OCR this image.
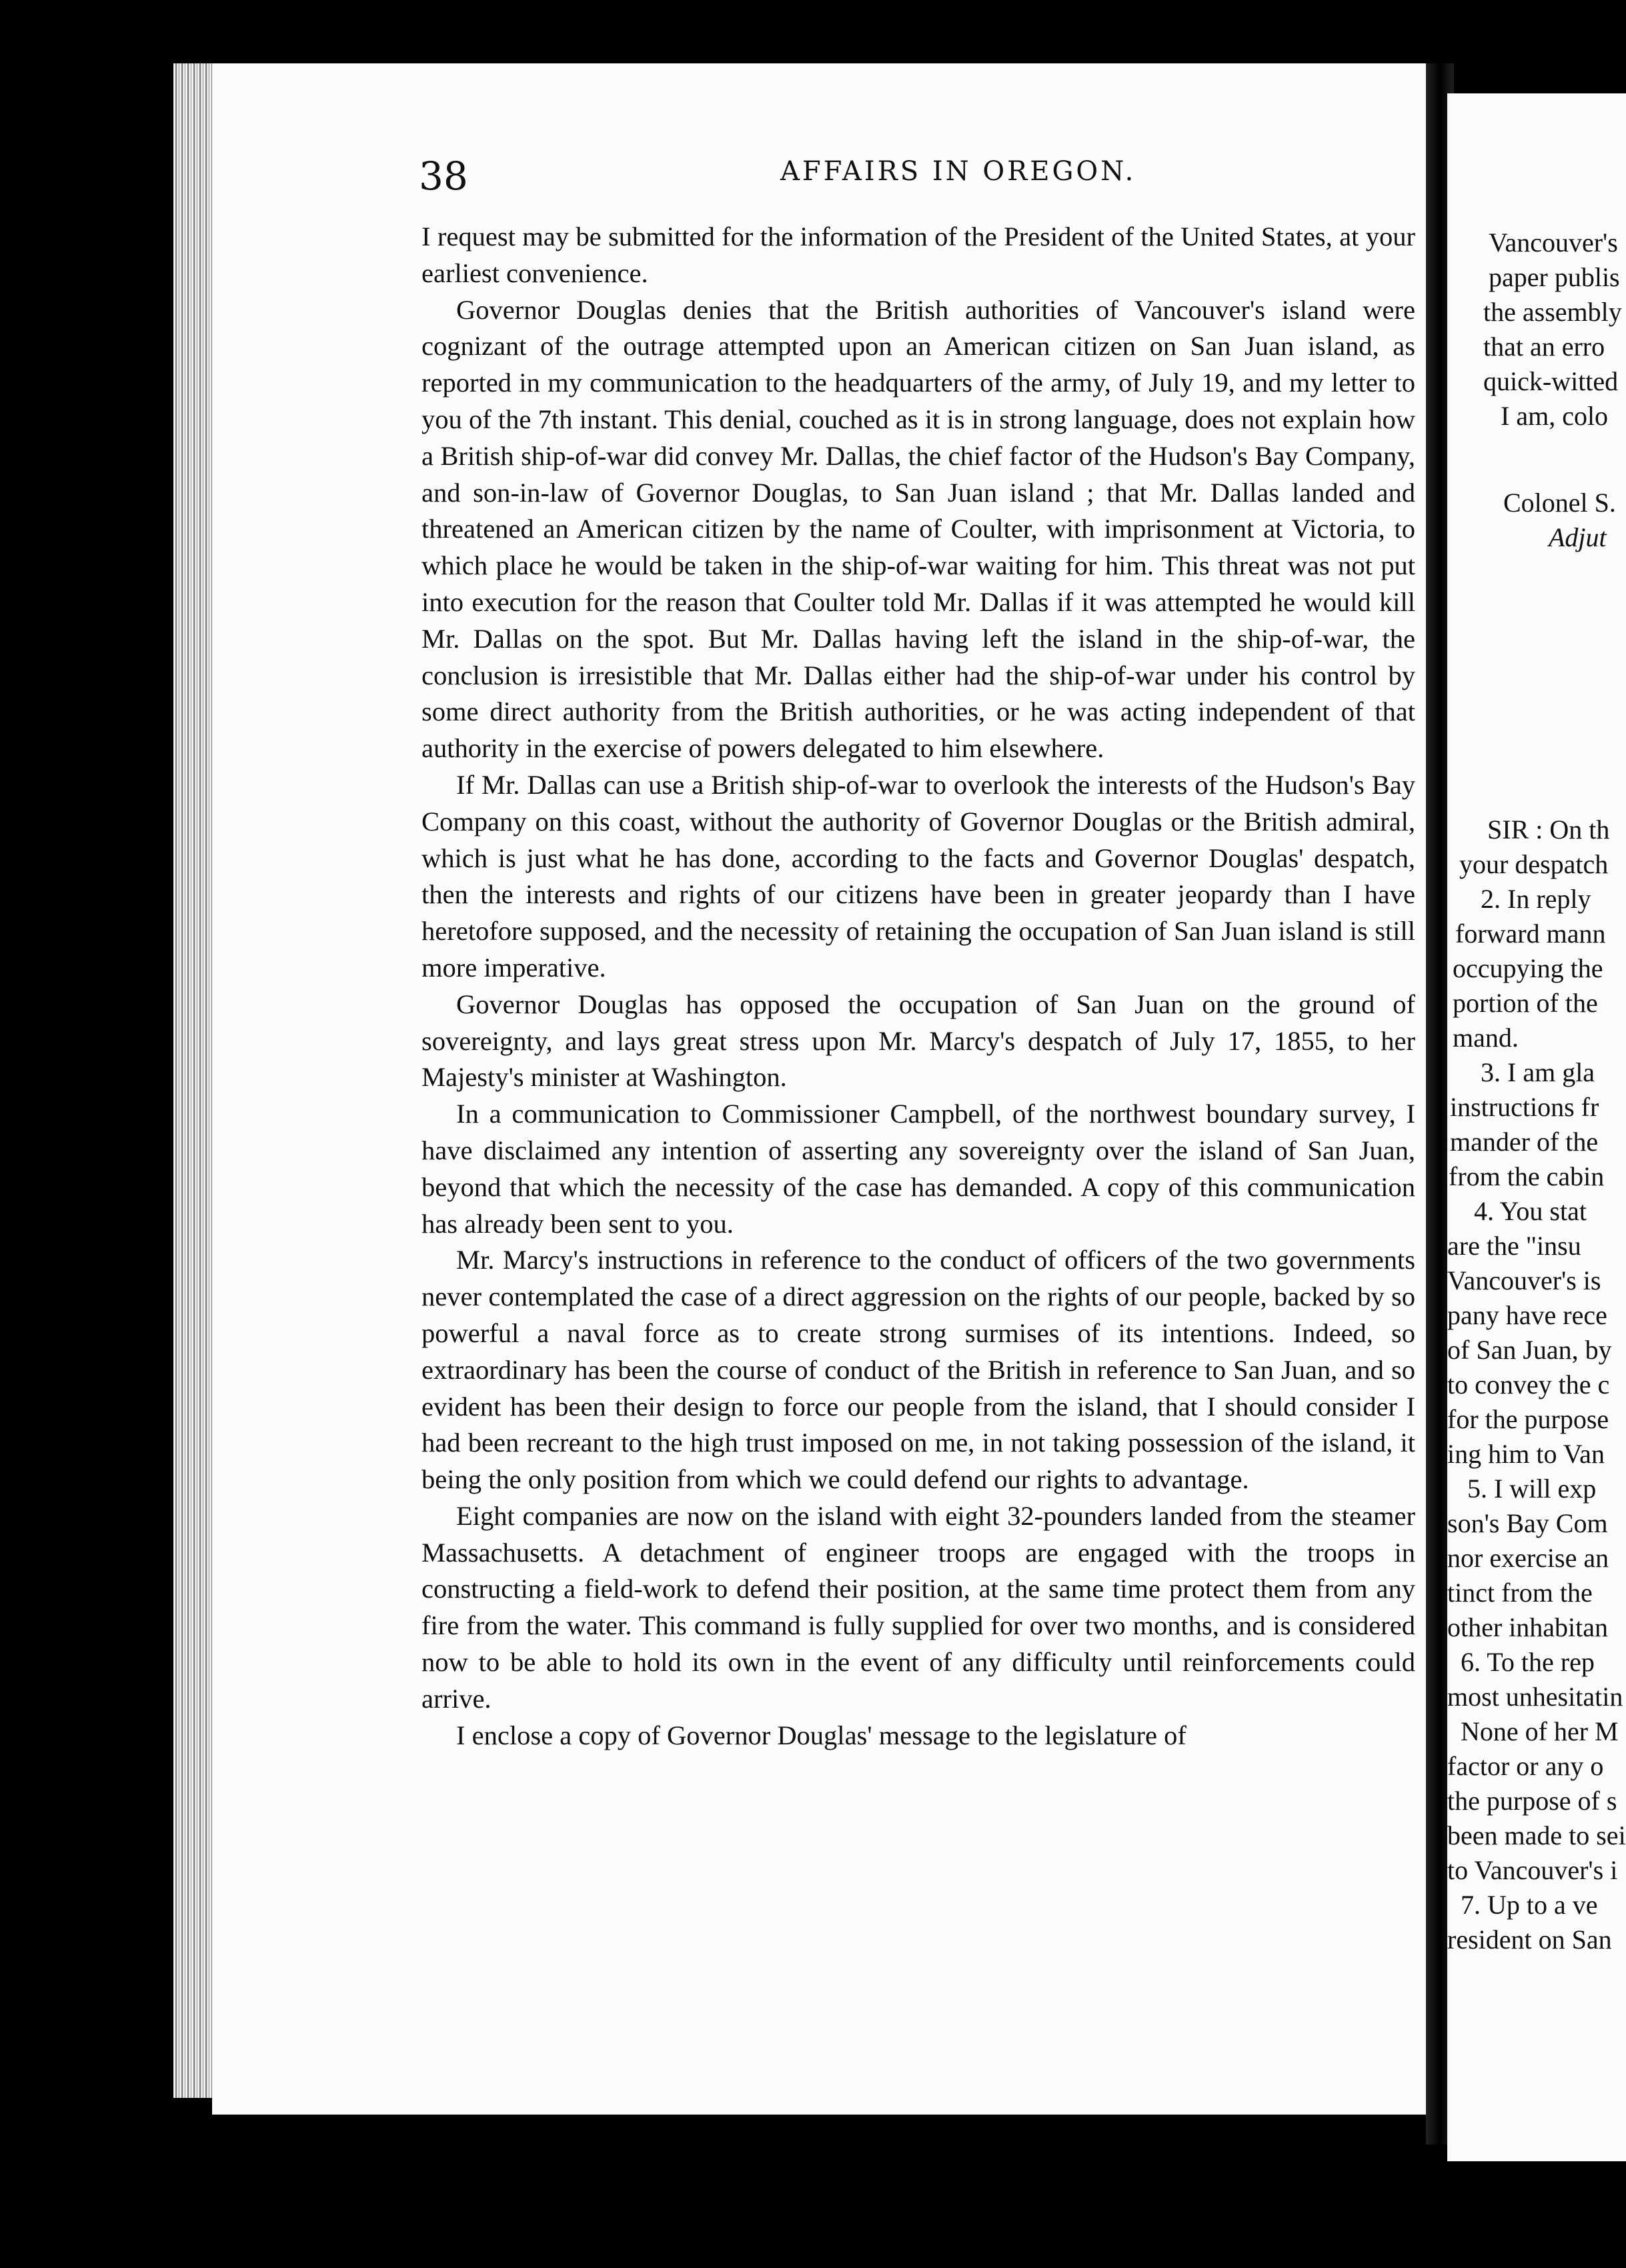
Vancouver's
paper publis
the assembly
that an erro
quick-witted
I am, colo
Colonel S.
Adjut
SIR : On th
your despatch
2. In reply
forward mann
occupying the
portion of the
mand.
3. I am gla
instructions fr
mander of the
from the cabin
4. You stat
are the "insu
Vancouver's is
pany have rece
of San Juan, by
to convey the c
for the purpose
ing him to Van
5. I will exp
son's Bay Com
nor exercise an
tinct from the
other inhabitan
6. To the rep
most unhesitatin
None of her M
factor or any o
the purpose of s
been made to sei
to Vancouver's i
7. Up to a ve
resident on San
38	AFFAIRS IN OREGON.

I request may be submitted for the information of the President of the United States, at your earliest convenience.

Governor Douglas denies that the British authorities of Vancouver's island were cognizant of the outrage attempted upon an American citizen on San Juan island, as reported in my communication to the headquarters of the army, of July 19, and my letter to you of the 7th instant. This denial, couched as it is in strong language, does not explain how a British ship-of-war did convey Mr. Dallas, the chief factor of the Hudson's Bay Company, and son-in-law of Governor Douglas, to San Juan island ; that Mr. Dallas landed and threatened an American citizen by the name of Coulter, with imprisonment at Victoria, to which place he would be taken in the ship-of-war waiting for him. This threat was not put into execution for the reason that Coulter told Mr. Dallas if it was attempted he would kill Mr. Dallas on the spot. But Mr. Dallas having left the island in the ship-of-war, the conclusion is irresistible that Mr. Dallas either had the ship-of-war under his control by some direct authority from the British authorities, or he was acting independent of that authority in the exercise of powers delegated to him elsewhere.

If Mr. Dallas can use a British ship-of-war to overlook the interests of the Hudson's Bay Company on this coast, without the authority of Governor Douglas or the British admiral, which is just what he has done, according to the facts and Governor Douglas' despatch, then the interests and rights of our citizens have been in greater jeopardy than I have heretofore supposed, and the necessity of retaining the occupation of San Juan island is still more imperative.

Governor Douglas has opposed the occupation of San Juan on the ground of sovereignty, and lays great stress upon Mr. Marcy's despatch of July 17, 1855, to her Majesty's minister at Washington.

In a communication to Commissioner Campbell, of the northwest boundary survey, I have disclaimed any intention of asserting any sovereignty over the island of San Juan, beyond that which the necessity of the case has demanded. A copy of this communication has already been sent to you.

Mr. Marcy's instructions in reference to the conduct of officers of the two governments never contemplated the case of a direct aggression on the rights of our people, backed by so powerful a naval force as to create strong surmises of its intentions. Indeed, so extraordinary has been the course of conduct of the British in reference to San Juan, and so evident has been their design to force our people from the island, that I should consider I had been recreant to the high trust imposed on me, in not taking possession of the island, it being the only position from which we could defend our rights to advantage.

Eight companies are now on the island with eight 32-pounders landed from the steamer Massachusetts. A detachment of engineer troops are engaged with the troops in constructing a field-work to defend their position, at the same time protect them from any fire from the water. This command is fully supplied for over two months, and is considered now to be able to hold its own in the event of any difficulty until reinforcements could arrive.

I enclose a copy of Governor Douglas' message to the legislature of
